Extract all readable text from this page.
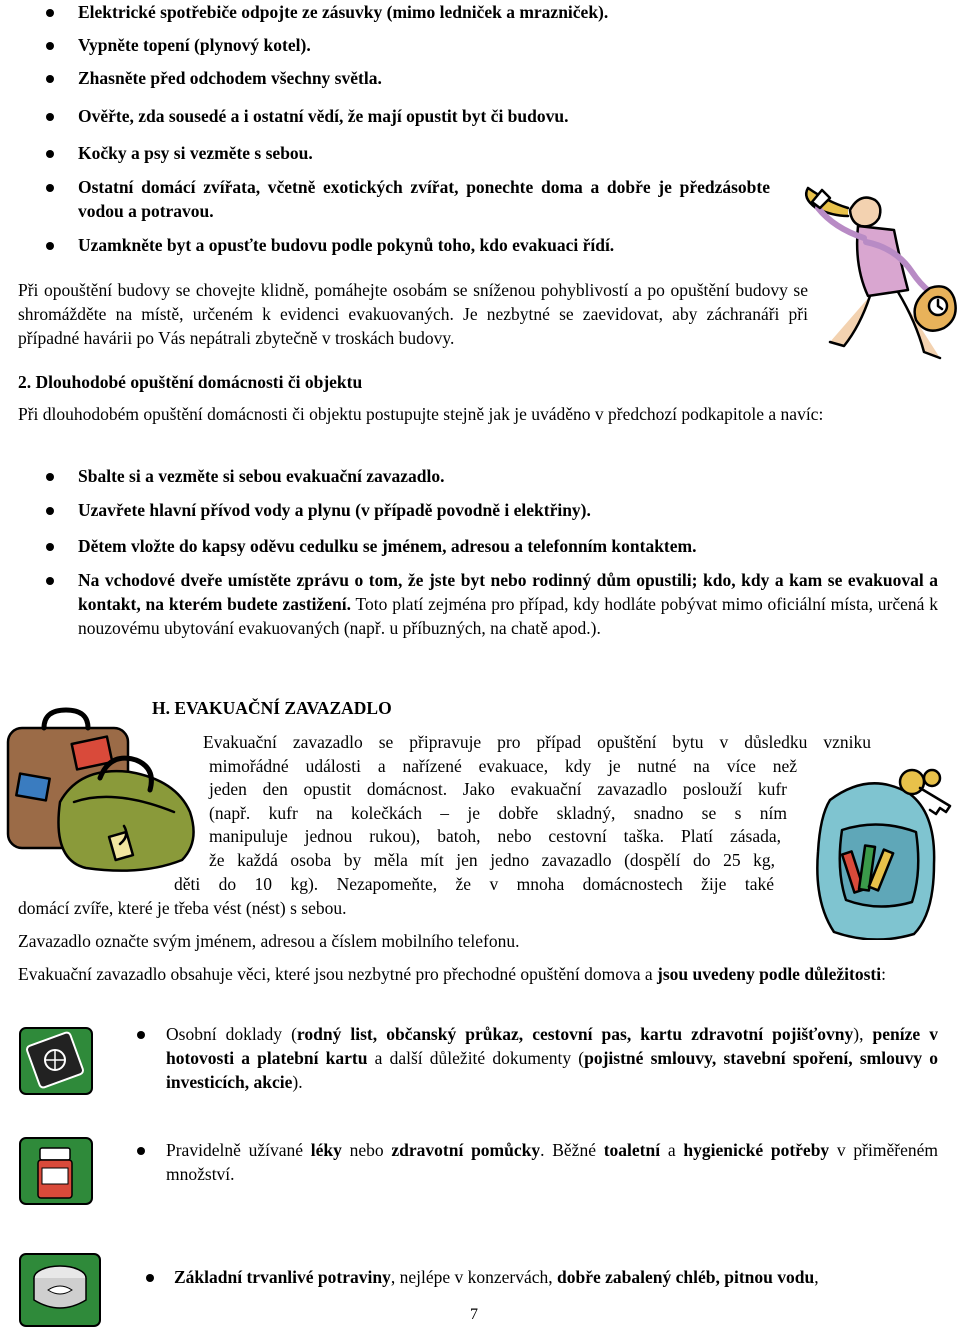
Elektrické spotřebiče odpojte ze zásuvky (mimo ledniček a mrazniček).
Vypněte topení (plynový kotel).
Zhasněte před odchodem všechny světla.
Ověřte, zda sousedé a i ostatní vědí, že mají opustit byt či budovu.
Kočky a psy si vezměte s sebou.
Ostatní domácí zvířata, včetně exotických zvířat, ponechte doma a dobře je předzásobte vodou a potravou.
Uzamkněte byt a opusťte budovu podle pokynů toho, kdo evakuaci řídí.

Při opouštění budovy se chovejte klidně, pomáhejte osobám se sníženou pohyblivostí a po opuštění budovy se shromážděte na místě, určeném k evidenci evakuovaných. Je nezbytné se zaevidovat, aby záchranáři při případné havárii po Vás nepátrali zbytečně v troskách budovy.

2. Dlouhodobé opuštění domácnosti či objektu

Při dlouhodobém opuštění domácnosti či objektu postupujte stejně jak je uváděno v předchozí podkapitole a navíc:

Sbalte si a vezměte si sebou evakuační zavazadlo.
Uzavřete hlavní přívod vody a plynu (v případě povodně i elektřiny).
Dětem vložte do kapsy oděvu cedulku se jménem, adresou a telefonním kontaktem.
Na vchodové dveře umístěte zprávu o tom, že jste byt nebo rodinný dům opustili; kdo, kdy a kam se evakuoval a kontakt, na kterém budete zastižení. Toto platí zejména pro případ, kdy hodláte pobývat mimo oficiální místa, určená k nouzovému ubytování evakuovaných (např. u příbuzných, na chatě apod.).
H. EVAKUAČNÍ ZAVAZADLO
Evakuační zavazadlo se připravuje pro případ opuštění bytu v důsledku vzniku
mimořádné události a nařízené evakuace, kdy je nutné na více než
jeden den opustit domácnost. Jako evakuační zavazadlo poslouží kufr
(např. kufr na kolečkách – je dobře skladný, snadno se s ním
manipuluje jednou rukou), batoh, nebo cestovní taška. Platí zásada,
že každá osoba by měla mít jen jedno zavazadlo (dospělí do 25 kg,
děti do 10 kg). Nezapomeňte, že v mnoha domácnostech žije také
domácí zvíře, které je třeba vést (nést) s sebou.

Zavazadlo označte svým jménem, adresou a číslem mobilního telefonu.

Evakuační zavazadlo obsahuje věci, které jsou nezbytné pro přechodné opuštění domova a jsou uvedeny podle důležitosti:

Osobní doklady (rodný list, občanský průkaz, cestovní pas, kartu zdravotní pojišťovny), peníze v hotovosti a platební kartu a další důležité dokumenty (pojistné smlouvy, stavební spoření, smlouvy o investicích, akcie).
Pravidelně užívané léky nebo zdravotní pomůcky. Běžné toaletní a hygienické potřeby v přiměřeném množství.
Základní trvanlivé potraviny, nejlépe v konzervách, dobře zabalený chléb, pitnou vodu,
7
